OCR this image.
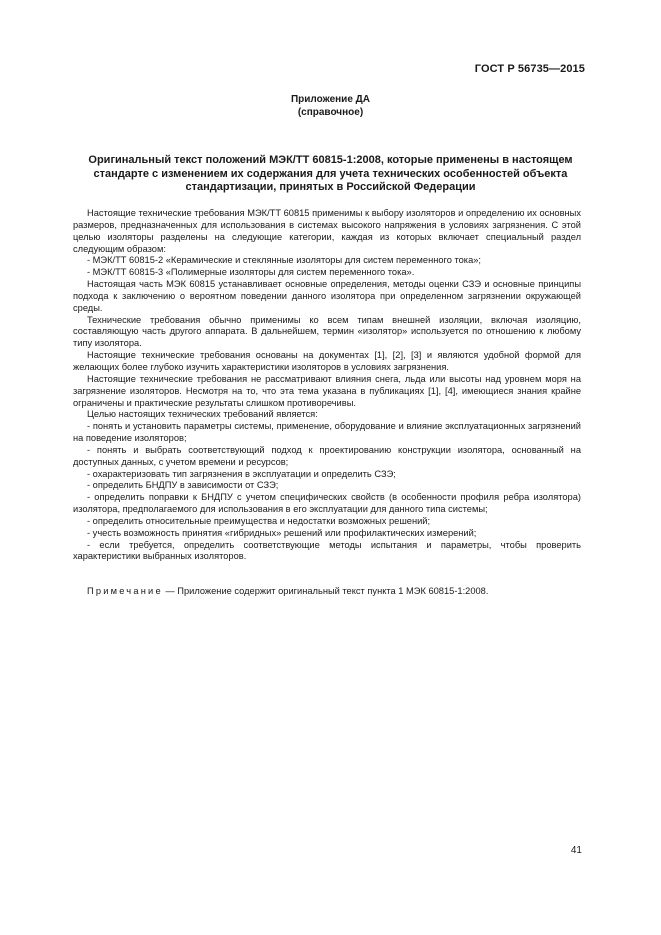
ГОСТ Р 56735—2015
Приложение ДА
(справочное)
Оригинальный текст положений МЭК/ТТ 60815-1:2008, которые применены в настоящем стандарте с изменением их содержания для учета технических особенностей объекта стандартизации, принятых в Российской Федерации

Настоящие технические требования МЭК/ТТ 60815 применимы к выбору изоляторов и определению их основных размеров, предназначенных для использования в системах высокого напряжения в условиях загрязнения. С этой целью изоляторы разделены на следующие категории, каждая из которых включает специальный раздел следующим образом:

- МЭК/ТТ 60815-2 «Керамические и стеклянные изоляторы для систем переменного тока»;

- МЭК/ТТ 60815-3 «Полимерные изоляторы для систем переменного тока».

Настоящая часть МЭК 60815 устанавливает основные определения, методы оценки СЗЭ и основные принципы подхода к заключению о вероятном поведении данного изолятора при определенном загрязнении окружающей среды.

Технические требования обычно применимы ко всем типам внешней изоляции, включая изоляцию, составляющую часть другого аппарата. В дальнейшем, термин «изолятор» используется по отношению к любому типу изолятора.

Настоящие технические требования основаны на документах [1], [2], [3] и являются удобной формой для желающих более глубоко изучить характеристики изоляторов в условиях загрязнения.

Настоящие технические требования не рассматривают влияния снега, льда или высоты над уровнем моря на загрязнение изоляторов. Несмотря на то, что эта тема указана в публикациях [1], [4], имеющиеся знания крайне ограничены и практические результаты слишком противоречивы.

Целью настоящих технических требований является:

- понять и установить параметры системы, применение, оборудование и влияние эксплуатационных загрязнений на поведение изоляторов;

- понять и выбрать соответствующий подход к проектированию конструкции изолятора, основанный на доступных данных, с учетом времени и ресурсов;

- охарактеризовать тип загрязнения в эксплуатации и определить СЗЭ;

- определить БНДПУ в зависимости от СЗЭ;

- определить поправки к БНДПУ с учетом специфических свойств (в особенности профиля ребра изолятора) изолятора, предполагаемого для использования в его эксплуатации для данного типа системы;

- определить относительные преимущества и недостатки возможных решений;

- учесть возможность принятия «гибридных» решений или профилактических измерений;

- если требуется, определить соответствующие методы испытания и параметры, чтобы проверить характеристики выбранных изоляторов.

Примечание — Приложение содержит оригинальный текст пункта 1 МЭК 60815-1:2008.
41
